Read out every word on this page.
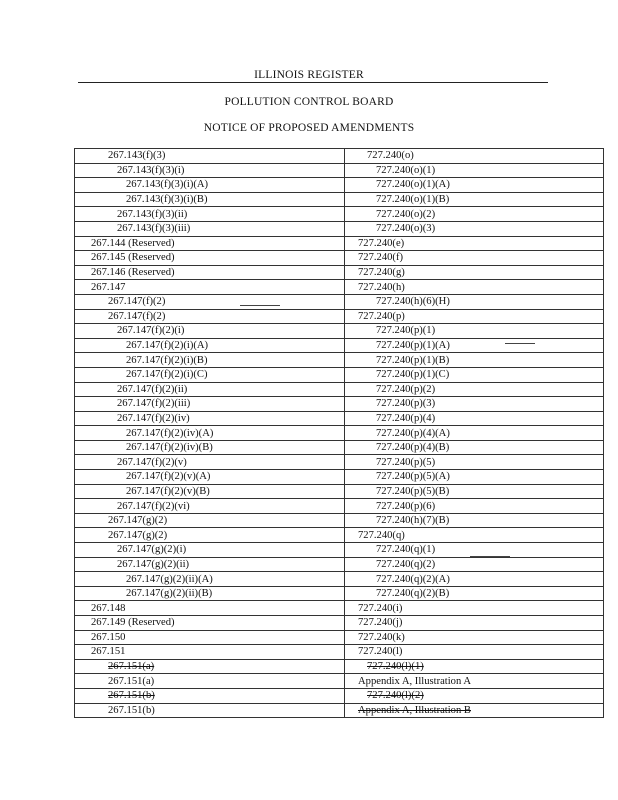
ILLINOIS REGISTER
POLLUTION CONTROL BOARD
NOTICE OF PROPOSED AMENDMENTS
267.143(f)(3)	727.240(o)
267.143(f)(3)(i)	727.240(o)(1)
267.143(f)(3)(i)(A)	727.240(o)(1)(A)
267.143(f)(3)(i)(B)	727.240(o)(1)(B)
267.143(f)(3)(ii)	727.240(o)(2)
267.143(f)(3)(iii)	727.240(o)(3)
267.144 (Reserved)	727.240(e)
267.145 (Reserved)	727.240(f)
267.146 (Reserved)	727.240(g)
267.147	727.240(h)
267.147(f)(2)	727.240(h)(6)(H)
267.147(f)(2)	727.240(p)
267.147(f)(2)(i)	727.240(p)(1)
267.147(f)(2)(i)(A)	727.240(p)(1)(A)
267.147(f)(2)(i)(B)	727.240(p)(1)(B)
267.147(f)(2)(i)(C)	727.240(p)(1)(C)
267.147(f)(2)(ii)	727.240(p)(2)
267.147(f)(2)(iii)	727.240(p)(3)
267.147(f)(2)(iv)	727.240(p)(4)
267.147(f)(2)(iv)(A)	727.240(p)(4)(A)
267.147(f)(2)(iv)(B)	727.240(p)(4)(B)
267.147(f)(2)(v)	727.240(p)(5)
267.147(f)(2)(v)(A)	727.240(p)(5)(A)
267.147(f)(2)(v)(B)	727.240(p)(5)(B)
267.147(f)(2)(vi)	727.240(p)(6)
267.147(g)(2)	727.240(h)(7)(B)
267.147(g)(2)	727.240(q)
267.147(g)(2)(i)	727.240(q)(1)
267.147(g)(2)(ii)	727.240(q)(2)
267.147(g)(2)(ii)(A)	727.240(q)(2)(A)
267.147(g)(2)(ii)(B)	727.240(q)(2)(B)
267.148	727.240(i)
267.149 (Reserved)	727.240(j)
267.150	727.240(k)
267.151	727.240(l)
267.151(a)	727.240(l)(1)
267.151(a)	Appendix A, Illustration A
267.151(b)	727.240(l)(2)
267.151(b)	Appendix A, Illustration B
